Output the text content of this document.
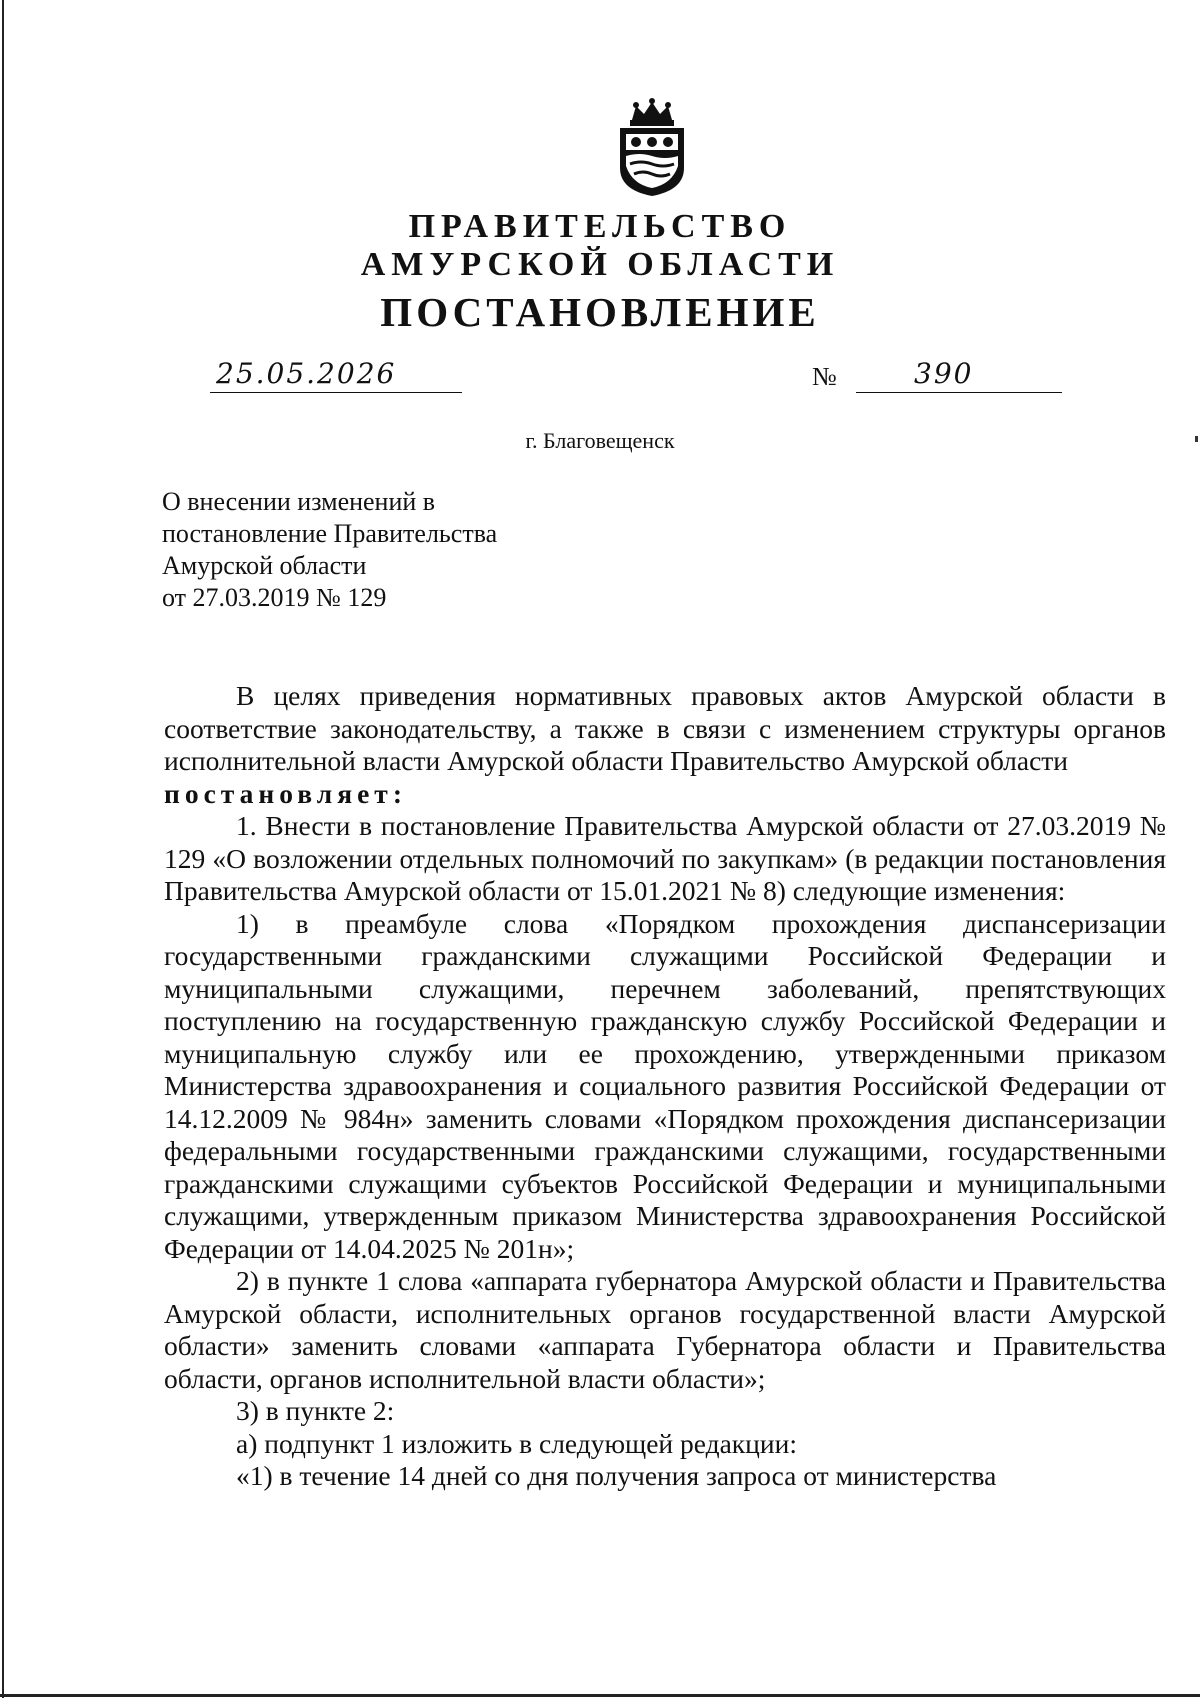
ПРАВИТЕЛЬСТВО
АМУРСКОЙ ОБЛАСТИ
ПОСТАНОВЛЕНИЕ
25.05.2026	№	390
г. Благовещенск
О внесении изменений в
постановление Правительства
Амурской области
от 27.03.2019 № 129

В целях приведения нормативных правовых актов Амурской области в соответствие законодательству, а также в связи с изменением структуры органов исполнительной власти Амурской области Правительство Амурской области

постановляет:

1. Внести в постановление Правительства Амурской области от 27.03.2019 № 129 «О возложении отдельных полномочий по закупкам» (в редакции постановления Правительства Амурской области от 15.01.2021 № 8) следующие изменения:

1) в преамбуле слова «Порядком прохождения диспансеризации государственными гражданскими служащими Российской Федерации и муниципальными служащими, перечнем заболеваний, препятствующих поступлению на государственную гражданскую службу Российской Федерации и муниципальную службу или ее прохождению, утвержденными приказом Министерства здравоохранения и социального развития Российской Федерации от 14.12.2009 № 984н» заменить словами «Порядком прохождения диспансеризации федеральными государственными гражданскими служащими, государственными гражданскими служащими субъектов Российской Федерации и муниципальными служащими, утвержденным приказом Министерства здравоохранения Российской Федерации от 14.04.2025 № 201н»;

2) в пункте 1 слова «аппарата губернатора Амурской области и Правительства Амурской области, исполнительных органов государственной власти Амурской области» заменить словами «аппарата Губернатора области и Правительства области, органов исполнительной власти области»;

3) в пункте 2:

а) подпункт 1 изложить в следующей редакции:

«1) в течение 14 дней со дня получения запроса от министерства
